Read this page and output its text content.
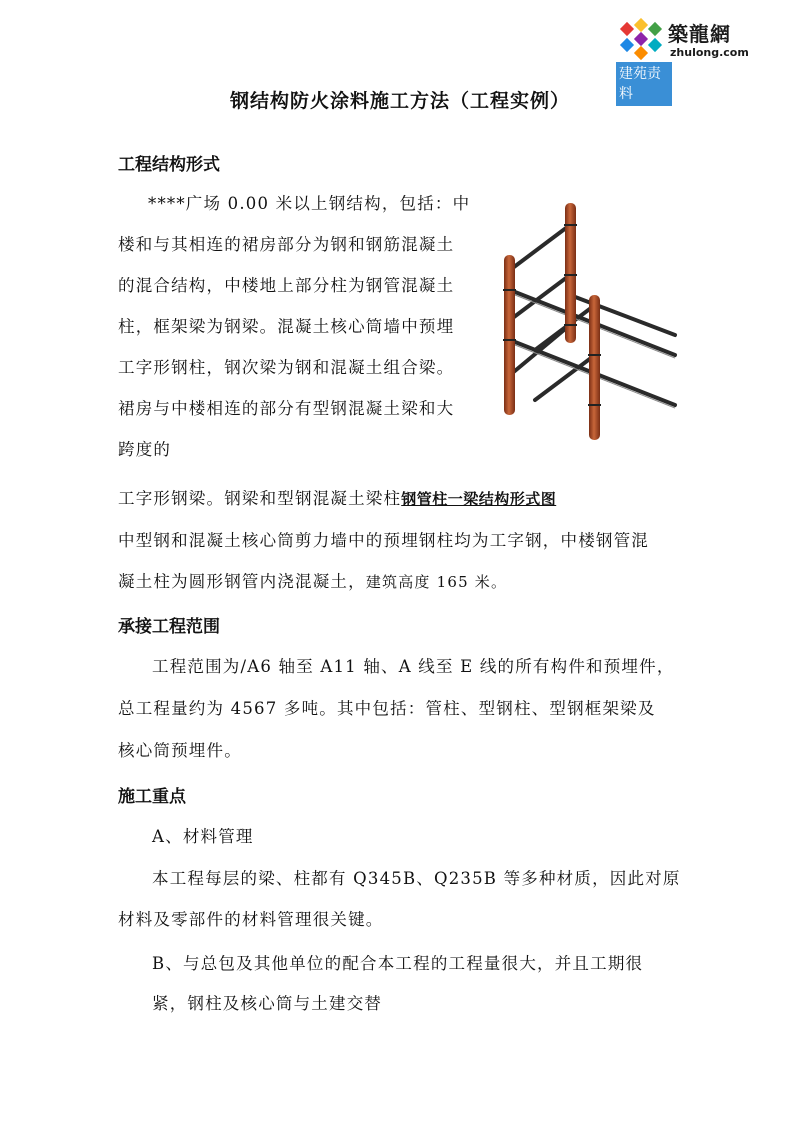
築龍網
zhulong.com
建苑责料
钢结构防火涂料施工方法（工程实例）
工程结构形式
****广场 0.00 米以上钢结构，包括：中
楼和与其相连的裙房部分为钢和钢筋混凝土
的混合结构，中楼地上部分柱为钢管混凝土
柱，框架梁为钢梁。混凝土核心筒墙中预埋
工字形钢柱，钢次梁为钢和混凝土组合梁。
裙房与中楼相连的部分有型钢混凝土梁和大
跨度的
工字形钢梁。钢梁和型钢混凝土梁柱钢管柱一梁结构形式图
中型钢和混凝土核心筒剪力墙中的预埋钢柱均为工字钢，中楼钢管混
凝土柱为圆形钢管内浇混凝土，建筑高度 165 米。
承接工程范围
工程范围为/A6 轴至 A11 轴、A 线至 E 线的所有构件和预埋件，
总工程量约为 4567 多吨。其中包括：管柱、型钢柱、型钢框架梁及
核心筒预埋件。
施工重点
A、材料管理
本工程每层的梁、柱都有 Q345B、Q235B 等多种材质，因此对原
材料及零部件的材料管理很关键。
B、与总包及其他单位的配合本工程的工程量很大，并且工期很
紧，钢柱及核心筒与土建交替
